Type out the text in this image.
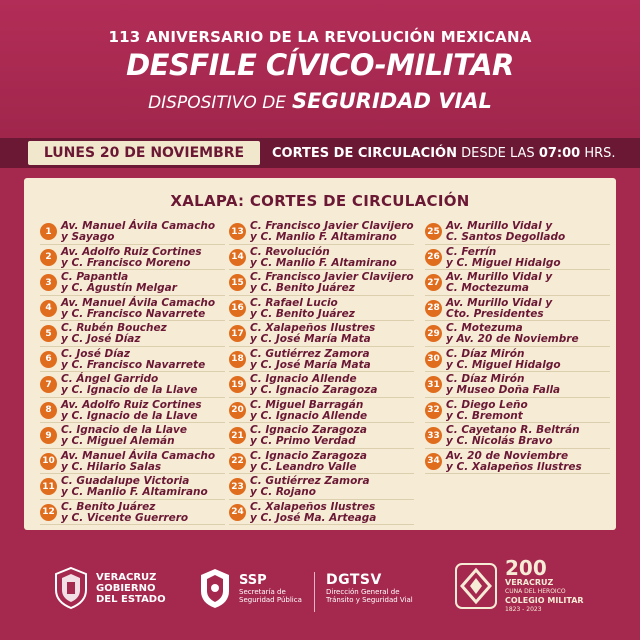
113 ANIVERSARIO DE LA REVOLUCIÓN MEXICANA
DESFILE CÍVICO-MILITAR
DISPOSITIVO DE SEGURIDAD VIAL
LUNES 20 DE NOVIEMBRE	CORTES DE CIRCULACIÓN DESDE LAS 07:00 HRS.
XALAPA: CORTES DE CIRCULACIÓN
1 Av. Manuel Ávila Camacho
y Sayago
2 Av. Adolfo Ruiz Cortines
y C. Francisco Moreno
3 C. Papantla
y C. Agustín Melgar
4 Av. Manuel Ávila Camacho
y C. Francisco Navarrete
5 C. Rubén Bouchez
y C. José Díaz
6 C. José Díaz
y C. Francisco Navarrete
7 C. Ángel Garrido
y C. Ignacio de la Llave
8 Av. Adolfo Ruiz Cortines
y C. Ignacio de la Llave
9 C. Ignacio de la Llave
y C. Miguel Alemán
10 Av. Manuel Ávila Camacho
y C. Hilario Salas
11 C. Guadalupe Victoria
y C. Manlio F. Altamirano
12 C. Benito Juárez
y C. Vicente Guerrero
13 C. Francisco Javier Clavijero
y C. Manlio F. Altamirano
14 C. Revolución
y C. Manlio F. Altamirano
15 C. Francisco Javier Clavijero
y C. Benito Juárez
16 C. Rafael Lucio
y C. Benito Juárez
17 C. Xalapeños Ilustres
y C. José María Mata
18 C. Gutiérrez Zamora
y C. José María Mata
19 C. Ignacio Allende
y C. Ignacio Zaragoza
20 C. Miguel Barragán
y C. Ignacio Allende
21 C. Ignacio Zaragoza
y C. Primo Verdad
22 C. Ignacio Zaragoza
y C. Leandro Valle
23 C. Gutiérrez Zamora
y C. Rojano
24 C. Xalapeños Ilustres
y C. José Ma. Arteaga
25 Av. Murillo Vidal y
C. Santos Degollado
26 C. Ferrín
y C. Miguel Hidalgo
27 Av. Murillo Vidal y
C. Moctezuma
28 Av. Murillo Vidal y
Cto. Presidentes
29 C. Motezuma
y Av. 20 de Noviembre
30 C. Díaz Mirón
y C. Miguel Hidalgo
31 C. Díaz Mirón
y Museo Doña Falla
32 C. Diego Leño
y C. Bremont
33 C. Cayetano R. Beltrán
y C. Nicolás Bravo
34 Av. 20 de Noviembre
y C. Xalapeños Ilustres
VERACRUZ
GOBIERNO
DEL ESTADO
SSP
Secretaría de
Seguridad Pública
DGTSV
Dirección General de
Tránsito y Seguridad Vial
200
VERACRUZ
CUNA DEL HEROICO
COLEGIO MILITAR
1823 - 2023
